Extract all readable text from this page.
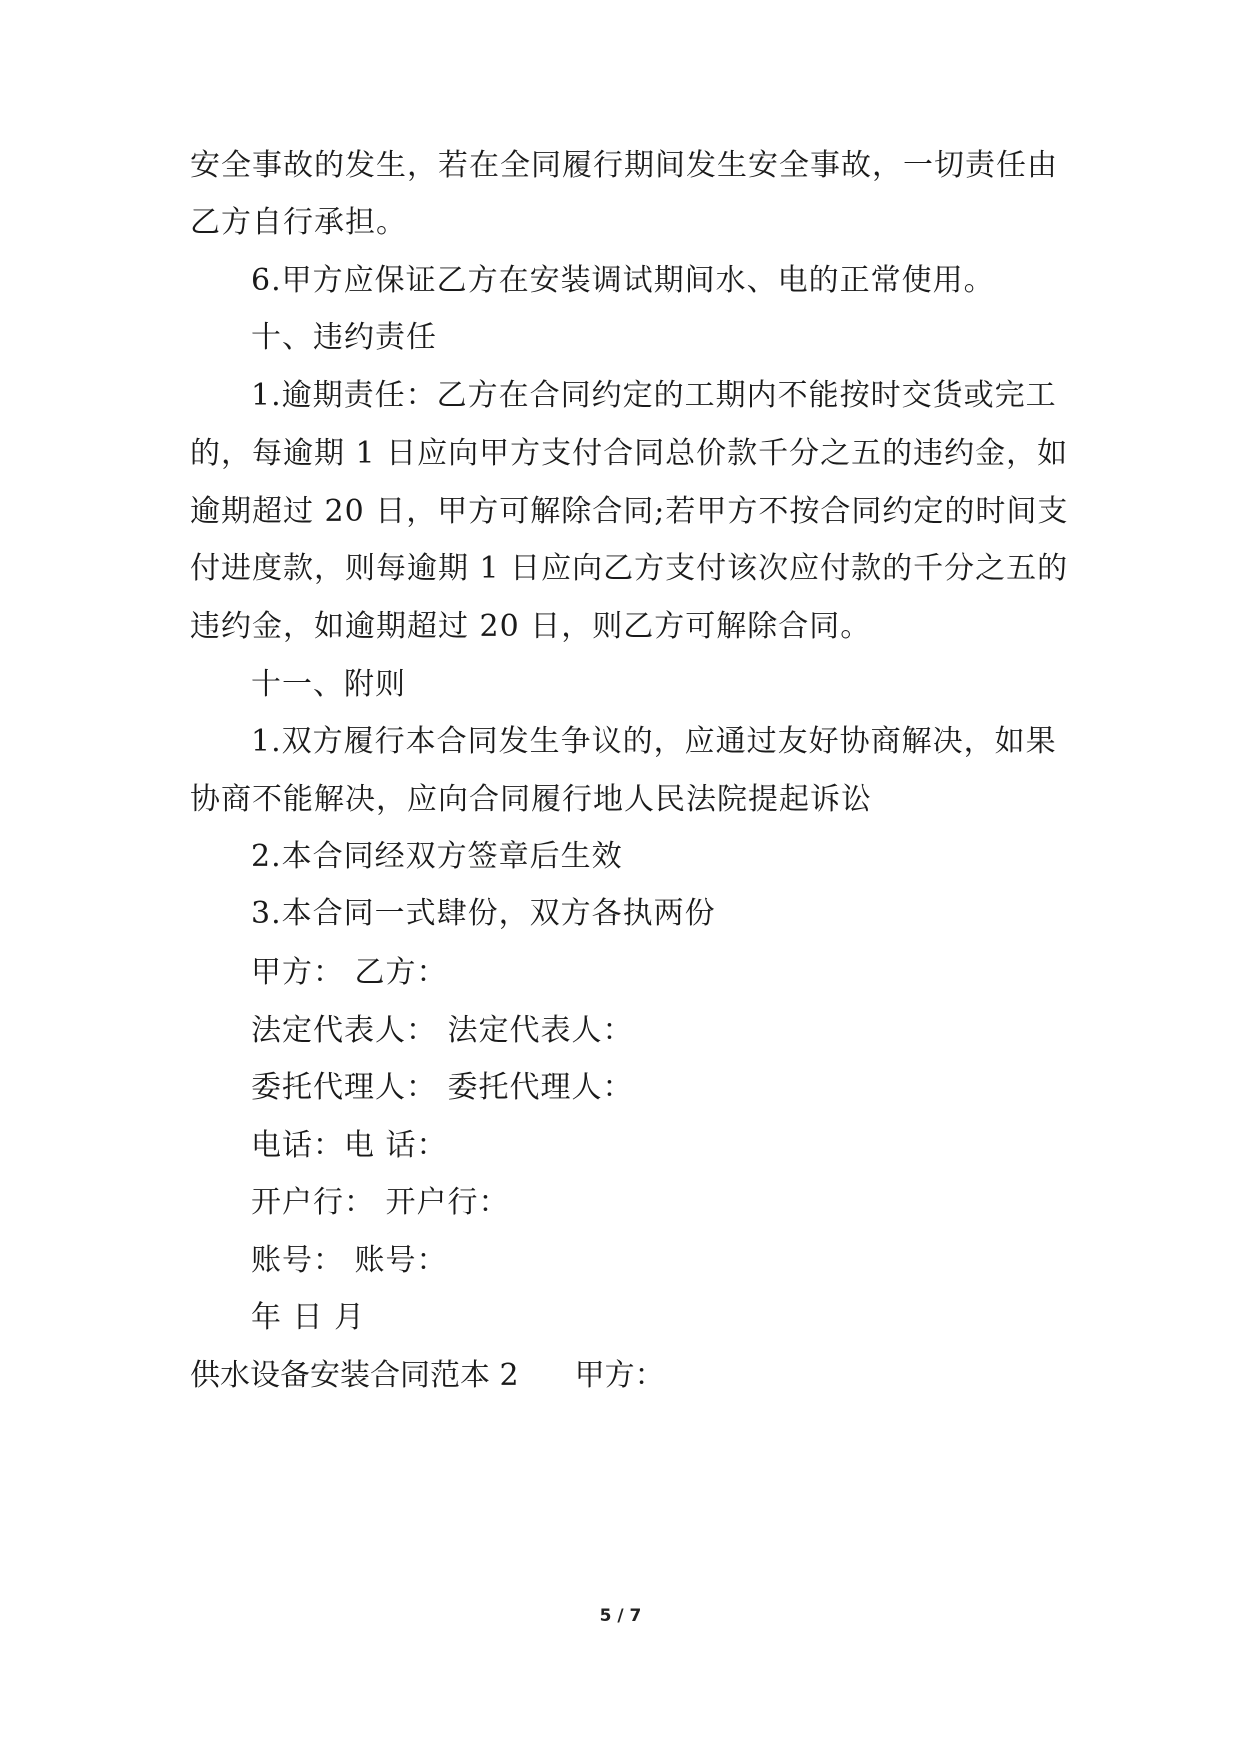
安全事故的发生，若在全同履行期间发生安全事故，一切责任由
乙方自行承担。
6.甲方应保证乙方在安装调试期间水、电的正常使用。
十、违约责任
1.逾期责任：乙方在合同约定的工期内不能按时交货或完工
的，每逾期 1 日应向甲方支付合同总价款千分之五的违约金，如
逾期超过 20 日，甲方可解除合同;若甲方不按合同约定的时间支
付进度款，则每逾期 1 日应向乙方支付该次应付款的千分之五的
违约金，如逾期超过 20 日，则乙方可解除合同。
十一、附则
1.双方履行本合同发生争议的，应通过友好协商解决，如果
协商不能解决，应向合同履行地人民法院提起诉讼
2.本合同经双方签章后生效
3.本合同一式肆份，双方各执两份
甲方： 乙方：
法定代表人： 法定代表人：
委托代理人： 委托代理人：
电话：电 话：
开户行： 开户行：
账号： 账号：
年 日 月
供水设备安装合同范本 2 甲方：
5 / 7
